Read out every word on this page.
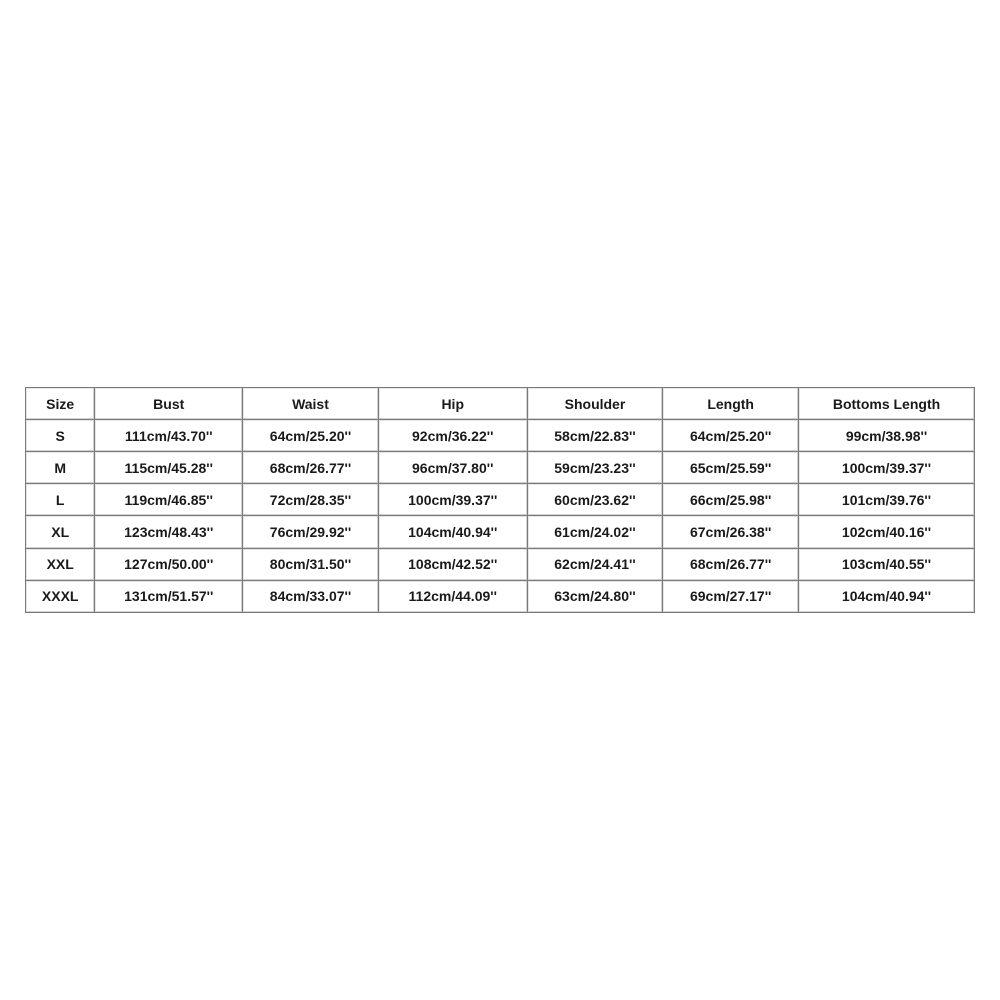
Size	Bust	Waist	Hip	Shoulder	Length	Bottoms Length
S	111cm/43.70''	64cm/25.20''	92cm/36.22''	58cm/22.83''	64cm/25.20''	99cm/38.98''
M	115cm/45.28''	68cm/26.77''	96cm/37.80''	59cm/23.23''	65cm/25.59''	100cm/39.37''
L	119cm/46.85''	72cm/28.35''	100cm/39.37''	60cm/23.62''	66cm/25.98''	101cm/39.76''
XL	123cm/48.43''	76cm/29.92''	104cm/40.94''	61cm/24.02''	67cm/26.38''	102cm/40.16''
XXL	127cm/50.00''	80cm/31.50''	108cm/42.52''	62cm/24.41''	68cm/26.77''	103cm/40.55''
XXXL	131cm/51.57''	84cm/33.07''	112cm/44.09''	63cm/24.80''	69cm/27.17''	104cm/40.94''
